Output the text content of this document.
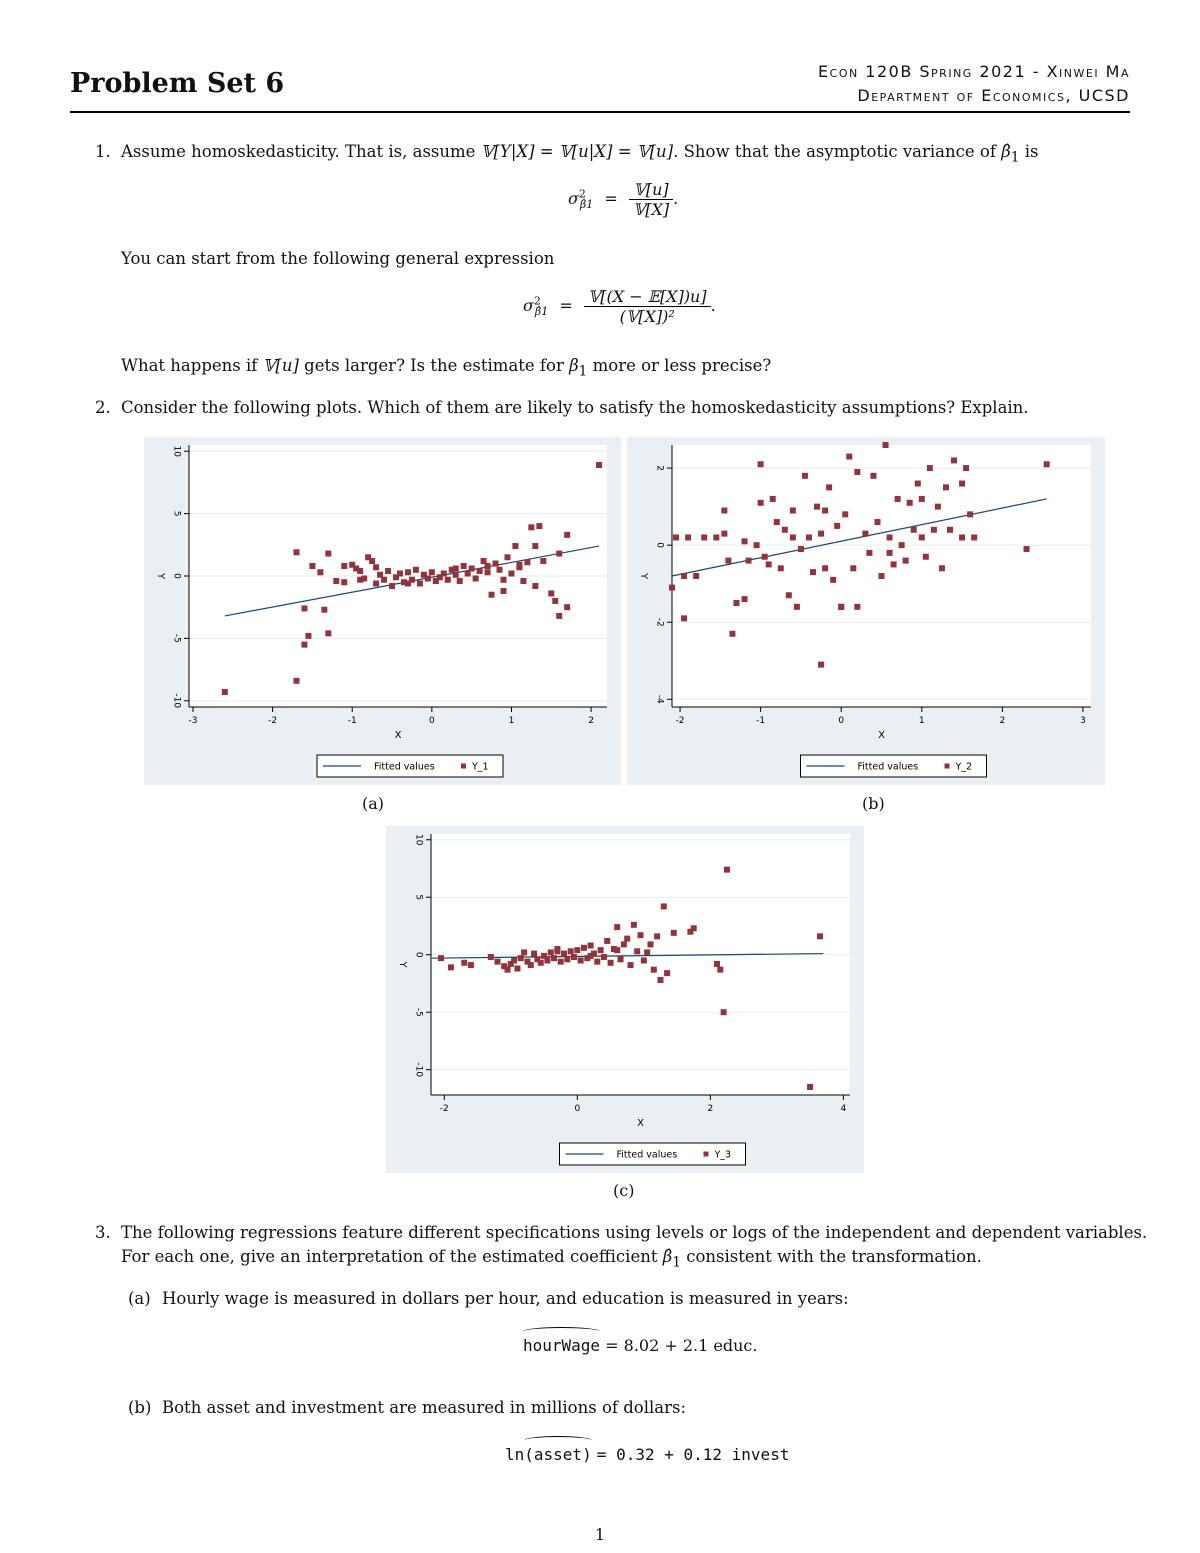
Problem Set 6	Econ 120B Spring 2021 - Xinwei Ma
Department of Economics, UCSD
1. Assume homoskedasticity. That is, assume 𝕍[Y|X] = 𝕍[u|X] = 𝕍[u]. Show that the asymptotic variance of $\betâ_1$ is
$\sigma^2_{\betâ1} = \frac{\text{𝕍[u]}}{\text{𝕍[X]}}$ .
You can start from the following general expression
$\sigma^2_{\betâ1} = \frac{\text{𝕍[(X − 𝔼[X])u]}}{\text{(𝕍[X])²}}$ .
What happens if 𝕍[u] gets larger? Is the estimate for $\beta_1$ more or less precise?
2. Consider the following plots. Which of them are likely to satisfy the homoskedasticity assumptions? Explain.
-10
-5
0
5
10
-3	-2	-1	0	1	2
X
Y
Fitted values	Y_1
-4
-2
0
2
-2	-1	0	1	2	3
X
Y
Fitted values	Y_2
(a)	(b)
-10
-5
0
5
10
-2	0	2	4
X
Y
Fitted values	Y_3
(c)
3. The following regressions feature different specifications using levels or logs of the independent and dependent variables.
For each one, give an interpretation of the estimated coefficient $\betâ_1$ consistent with the transformation.
(a) Hourly wage is measured in dollars per hour, and education is measured in years:
hourWage = 8.02 + 2.1 educ.
(b) Both asset and investment are measured in millions of dollars:
ln
(asset) = 0.32 + 0.12 invest
1
